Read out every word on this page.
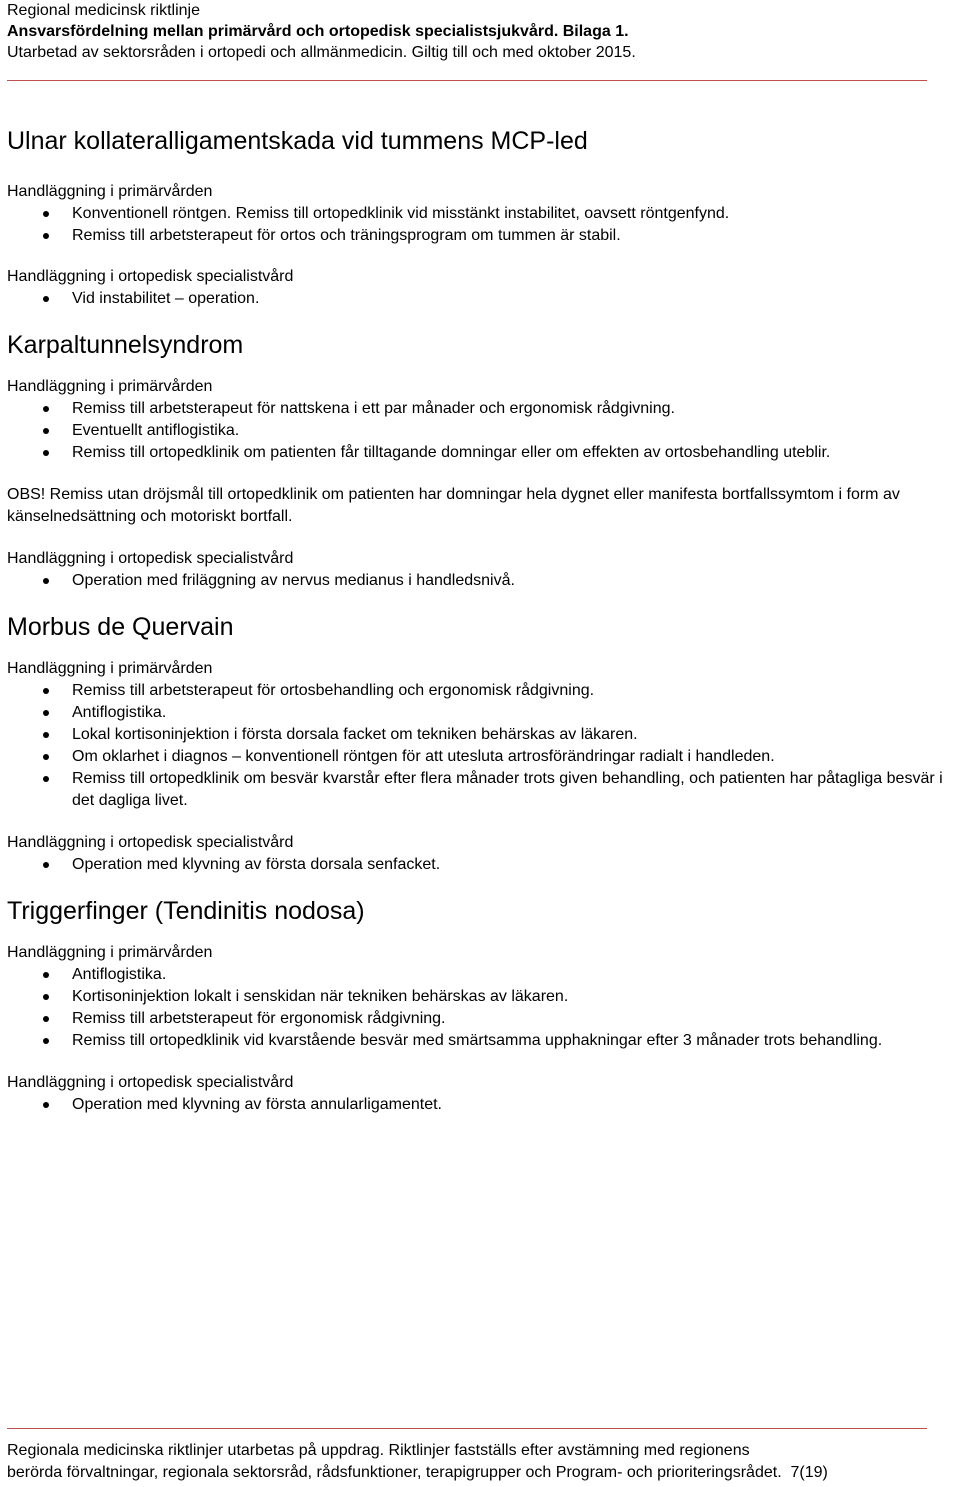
Regional medicinsk riktlinje
Ansvarsfördelning mellan primärvård och ortopedisk specialistsjukvård. Bilaga 1.
Utarbetad av sektorsråden i ortopedi och allmänmedicin. Giltig till och med oktober 2015.
Ulnar kollateralligamentskada vid tummens MCP-led
Handläggning i primärvården
Konventionell röntgen. Remiss till ortopedklinik vid misstänkt instabilitet, oavsett röntgenfynd.
Remiss till arbetsterapeut för ortos och träningsprogram om tummen är stabil.
Handläggning i ortopedisk specialistvård
Vid instabilitet – operation.
Karpaltunnelsyndrom
Handläggning i primärvården
Remiss till arbetsterapeut för nattskena i ett par månader och ergonomisk rådgivning.
Eventuellt antiflogistika.
Remiss till ortopedklinik om patienten får tilltagande domningar eller om effekten av ortosbehandling uteblir.

OBS! Remiss utan dröjsmål till ortopedklinik om patienten har domningar hela dygnet eller manifesta bortfallssymtom i form av känselnedsättning och motoriskt bortfall.

Handläggning i ortopedisk specialistvård
Operation med friläggning av nervus medianus i handledsnivå.
Morbus de Quervain
Handläggning i primärvården
Remiss till arbetsterapeut för ortosbehandling och ergonomisk rådgivning.
Antiflogistika.
Lokal kortisoninjektion i första dorsala facket om tekniken behärskas av läkaren.
Om oklarhet i diagnos – konventionell röntgen för att utesluta artrosförändringar radialt i handleden.
Remiss till ortopedklinik om besvär kvarstår efter flera månader trots given behandling, och patienten har påtagliga besvär i det dagliga livet.
Handläggning i ortopedisk specialistvård
Operation med klyvning av första dorsala senfacket.
Triggerfinger (Tendinitis nodosa)
Handläggning i primärvården
Antiflogistika.
Kortisoninjektion lokalt i senskidan när tekniken behärskas av läkaren.
Remiss till arbetsterapeut för ergonomisk rådgivning.
Remiss till ortopedklinik vid kvarstående besvär med smärtsamma upphakningar efter 3 månader trots behandling.
Handläggning i ortopedisk specialistvård
Operation med klyvning av första annularligamentet.
Regionala medicinska riktlinjer utarbetas på uppdrag. Riktlinjer fastställs efter avstämning med regionens
berörda förvaltningar, regionala sektorsråd, rådsfunktioner, terapigrupper och Program- och prioriteringsrådet. 7(19)
